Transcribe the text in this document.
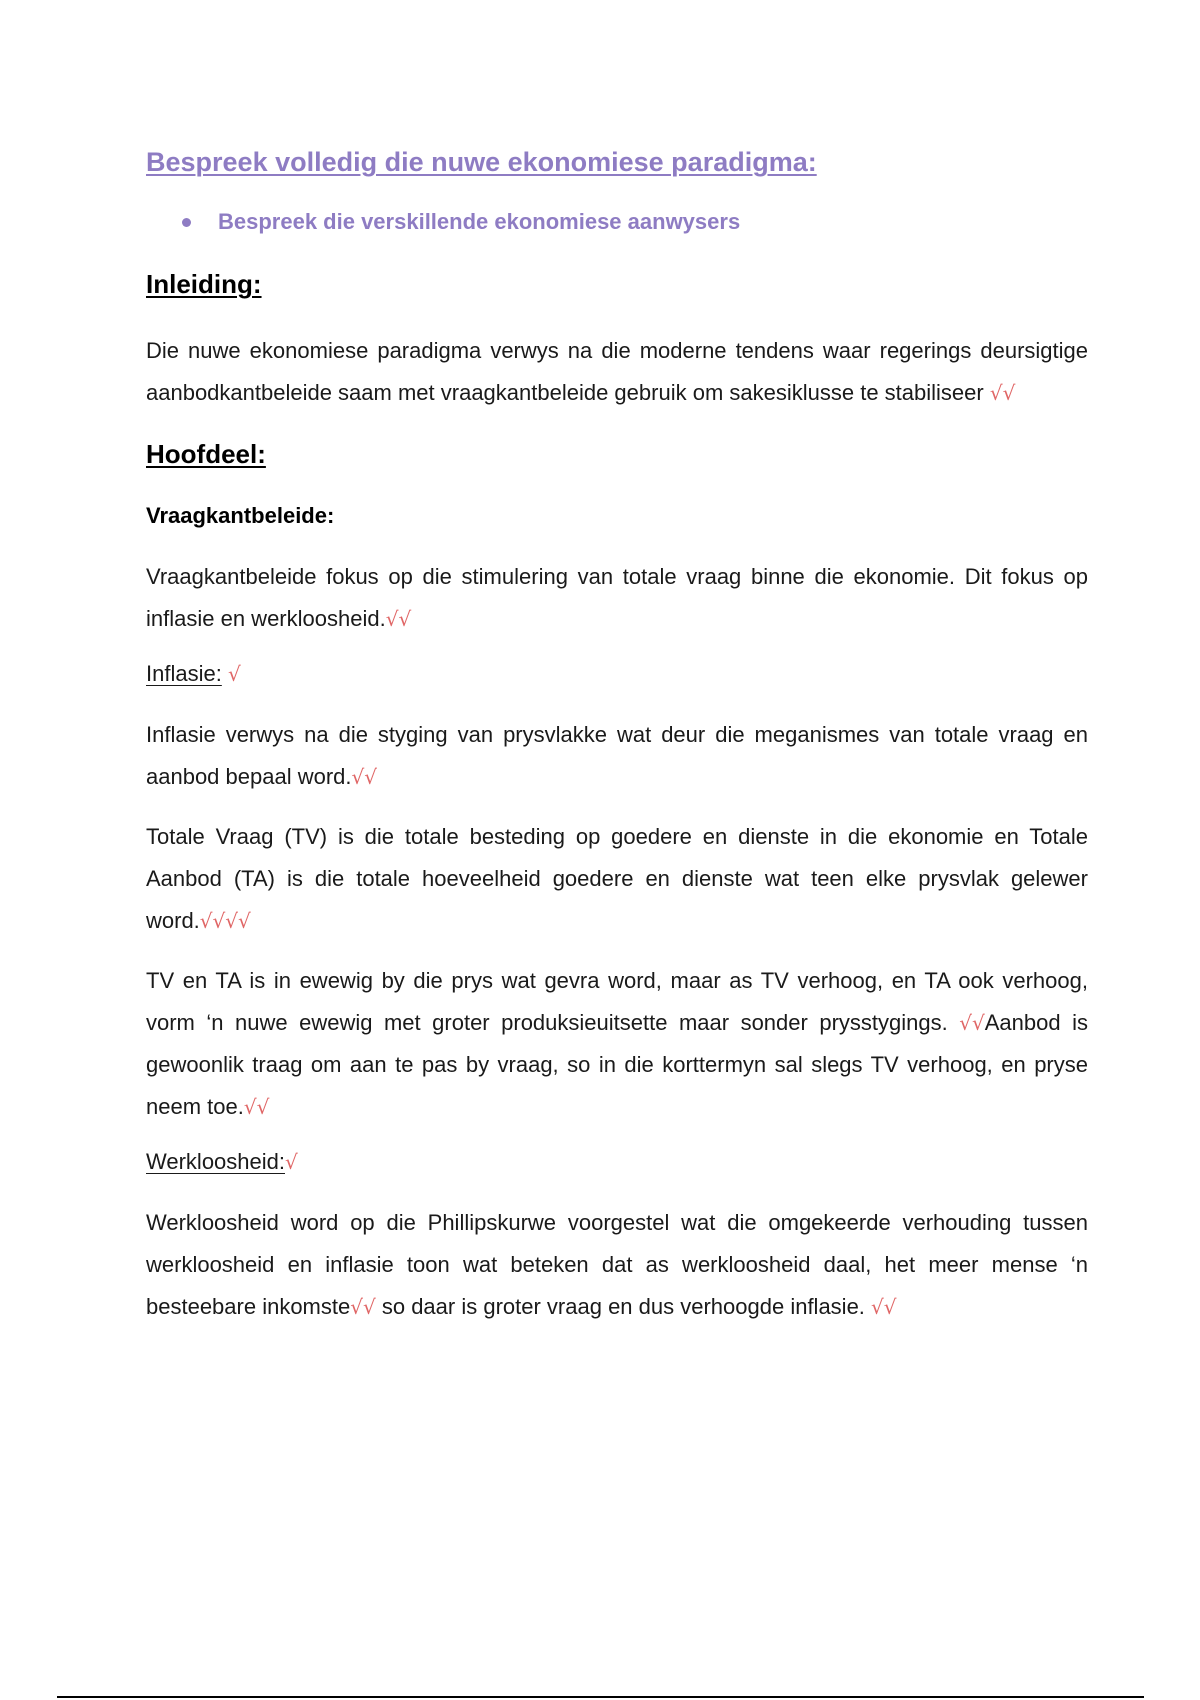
Bespreek volledig die nuwe ekonomiese paradigma:
Bespreek die verskillende ekonomiese aanwysers
Inleiding:

Die nuwe ekonomiese paradigma verwys na die moderne tendens waar regerings deursigtige aanbodkantbeleide saam met vraagkantbeleide gebruik om sakesiklusse te stabiliseer √√

Hoofdeel:
Vraagkantbeleide:

Vraagkantbeleide fokus op die stimulering van totale vraag binne die ekonomie. Dit fokus op inflasie en werkloosheid.√√

Inflasie: √

Inflasie verwys na die styging van prysvlakke wat deur die meganismes van totale vraag en aanbod bepaal word.√√

Totale Vraag (TV) is die totale besteding op goedere en dienste in die ekonomie en Totale Aanbod (TA) is die totale hoeveelheid goedere en dienste wat teen elke prysvlak gelewer word.√√√√

TV en TA is in ewewig by die prys wat gevra word, maar as TV verhoog, en TA ook verhoog, vorm ‘n nuwe ewewig met groter produksieuitsette maar sonder prysstygings. √√Aanbod is gewoonlik traag om aan te pas by vraag, so in die korttermyn sal slegs TV verhoog, en pryse neem toe.√√

Werkloosheid:√

Werkloosheid word op die Phillipskurwe voorgestel wat die omgekeerde verhouding tussen werkloosheid en inflasie toon wat beteken dat as werkloosheid daal, het meer mense ‘n besteebare inkomste√√ so daar is groter vraag en dus verhoogde inflasie. √√
